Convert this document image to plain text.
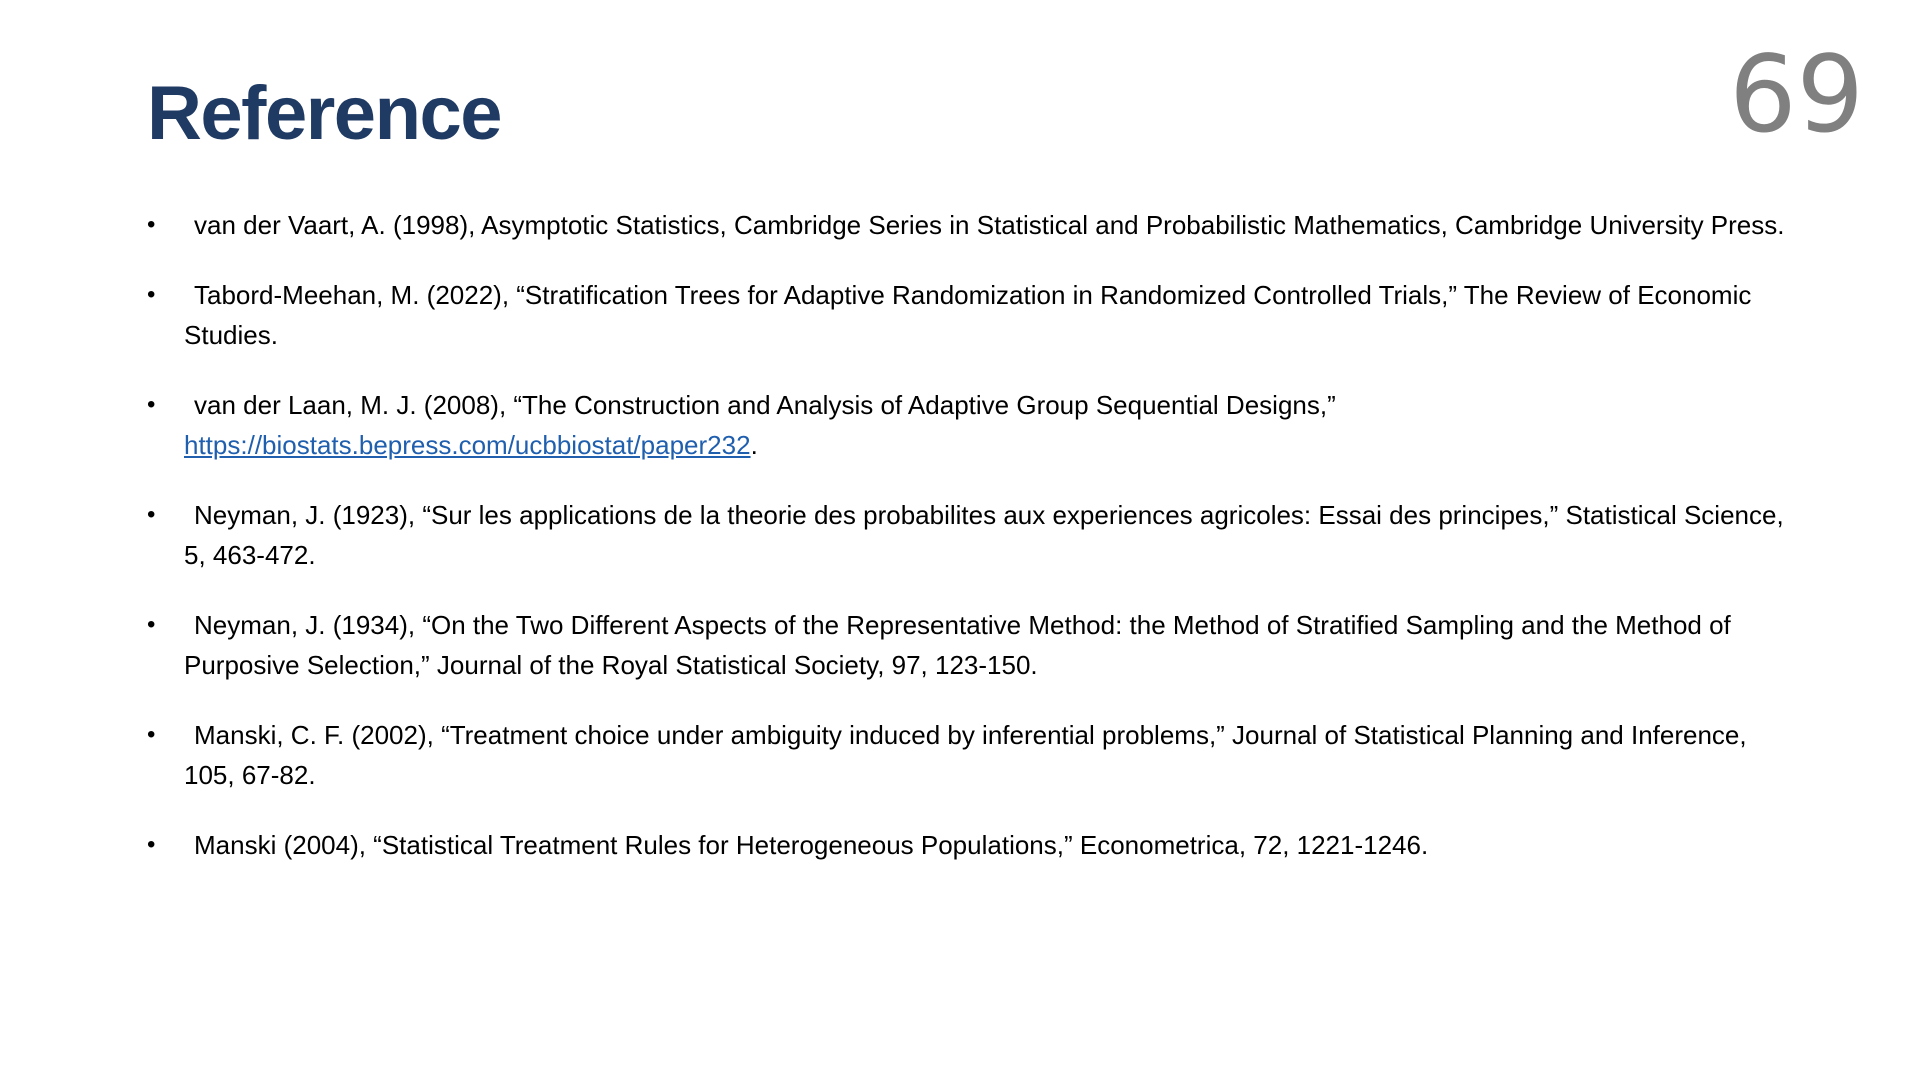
Reference	69
•	van der Vaart, A. (1998), Asymptotic Statistics, Cambridge Series in Statistical and Probabilistic Mathematics, Cambridge University Press.
•	Tabord-Meehan, M. (2022), “Stratification Trees for Adaptive Randomization in Randomized Controlled Trials,” The Review of Economic Studies.
•	van der Laan, M. J. (2008), “The Construction and Analysis of Adaptive Group Sequential Designs,” https://biostats.bepress.com/ucbbiostat/paper232.
•	Neyman, J. (1923), “Sur les applications de la theorie des probabilites aux experiences agricoles: Essai des principes,” Statistical Science, 5, 463-472.
•	Neyman, J. (1934), “On the Two Different Aspects of the Representative Method: the Method of Stratified Sampling and the Method of Purposive Selection,” Journal of the Royal Statistical Society, 97, 123-150.
•	Manski, C. F. (2002), “Treatment choice under ambiguity induced by inferential problems,” Journal of Statistical Planning and Inference, 105, 67-82.
•	Manski (2004), “Statistical Treatment Rules for Heterogeneous Populations,” Econometrica, 72, 1221-1246.
